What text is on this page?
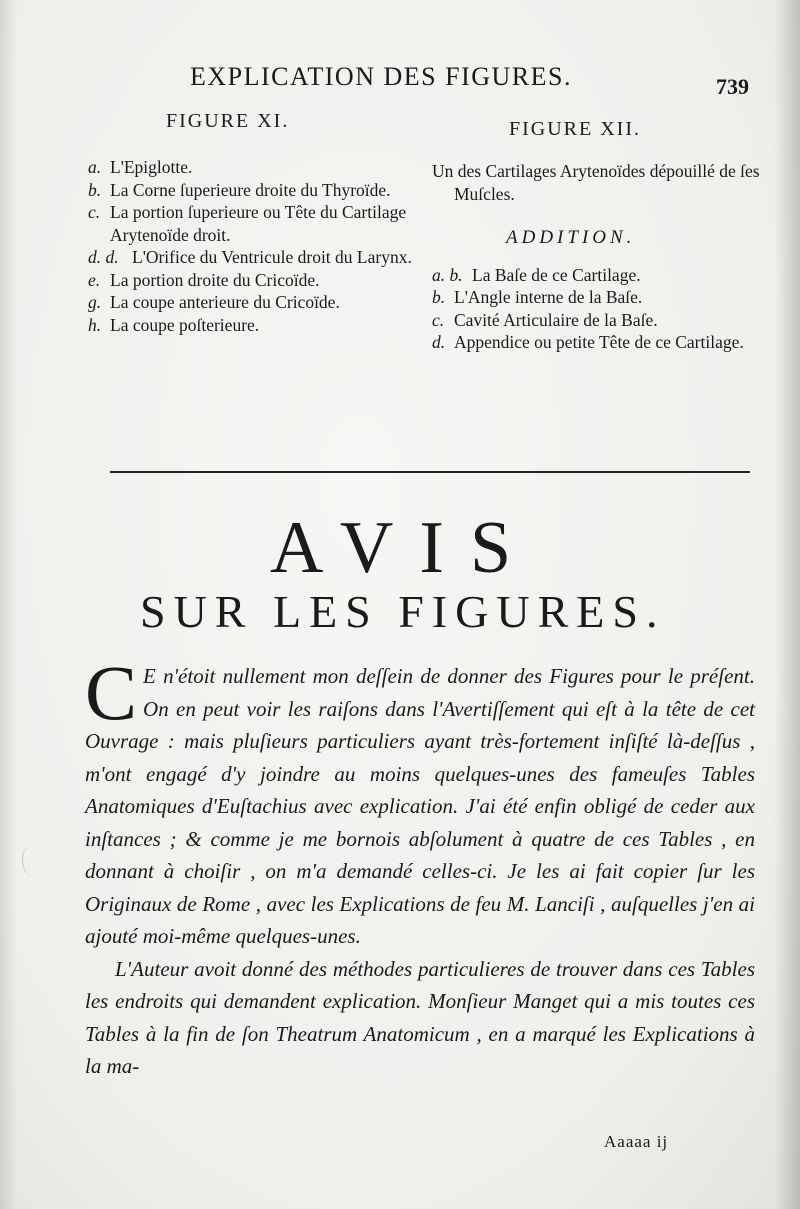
EXPLICATION DES FIGURES.	739
FIGURE XI.	FIGURE XII.
a. L'Epiglotte.
b. La Corne ſuperieure droite du Thyroïde.
c. La portion ſuperieure ou Tête du Cartilage Arytenoïde droit.
d. d. L'Orifice du Ventricule droit du Larynx.
e. La portion droite du Cricoïde.
g. La coupe anterieure du Cricoïde.
h. La coupe poſterieure.
Un des Cartilages Arytenoïdes dépouillé de ſes Muſcles.
ADDITION.
a. b. La Baſe de ce Cartilage.
b. L'Angle interne de la Baſe.
c. Cavité Articulaire de la Baſe.
d. Appendice ou petite Tête de ce Cartilage.
AVIS
SUR LES FIGURES.

C E n'étoit nullement mon deſſein de donner des Figures pour le préſent. On en peut voir les raiſons dans l'Avertiſſement qui eſt à la tête de cet Ouvrage : mais pluſieurs particuliers ayant très-fortement inſiſté là-deſſus , m'ont engagé d'y joindre au moins quelques-unes des fameuſes Tables Anatomiques d'Euſtachius avec explication. J'ai été enfin obligé de ceder aux inſtances ; & comme je me bornois abſolument à quatre de ces Tables , en donnant à choiſir , on m'a demandé celles-ci. Je les ai fait copier ſur les Originaux de Rome , avec les Explications de feu M. Lanciſi , auſquelles j'en ai ajouté moi-même quelques-unes.

L'Auteur avoit donné des méthodes particulieres de trouver dans ces Tables les endroits qui demandent explication. Monſieur Manget qui a mis toutes ces Tables à la fin de ſon Theatrum Anatomicum , en a marqué les Explications à la ma-

Aaaaa ij
